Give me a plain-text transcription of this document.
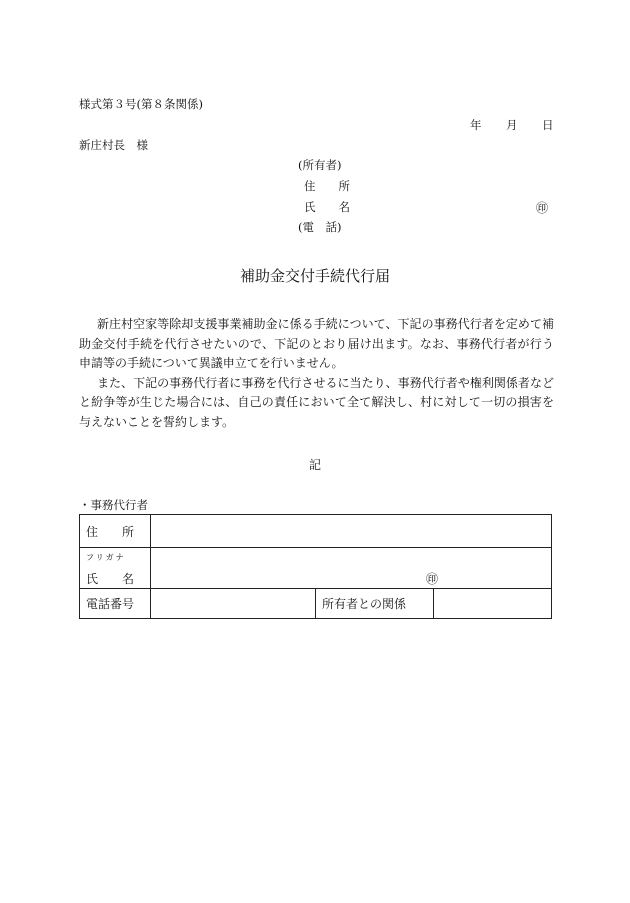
様式第３号(第８条関係)
年 月 日
新庄村長　様
(所有者)
住　　所
氏　　名	㊞
(電　話)
補助金交付手続代行届

新庄村空家等除却支援事業補助金に係る手続について、下記の事務代行者を定めて補助金交付手続を代行させたいので、下記のとおり届け出ます。なお、事務代行者が行う申請等の手続について異議申立てを行いません。

また、下記の事務代行者に事務を代行させるに当たり、事務代行者や権利関係者などと紛争等が生じた場合には、自己の責任において全て解決し、村に対して一切の損害を与えないことを誓約します。

記
・事務代行者
住　　所			

フリガナ
氏　　名	㊞		

電話番号		所有者との関係	
